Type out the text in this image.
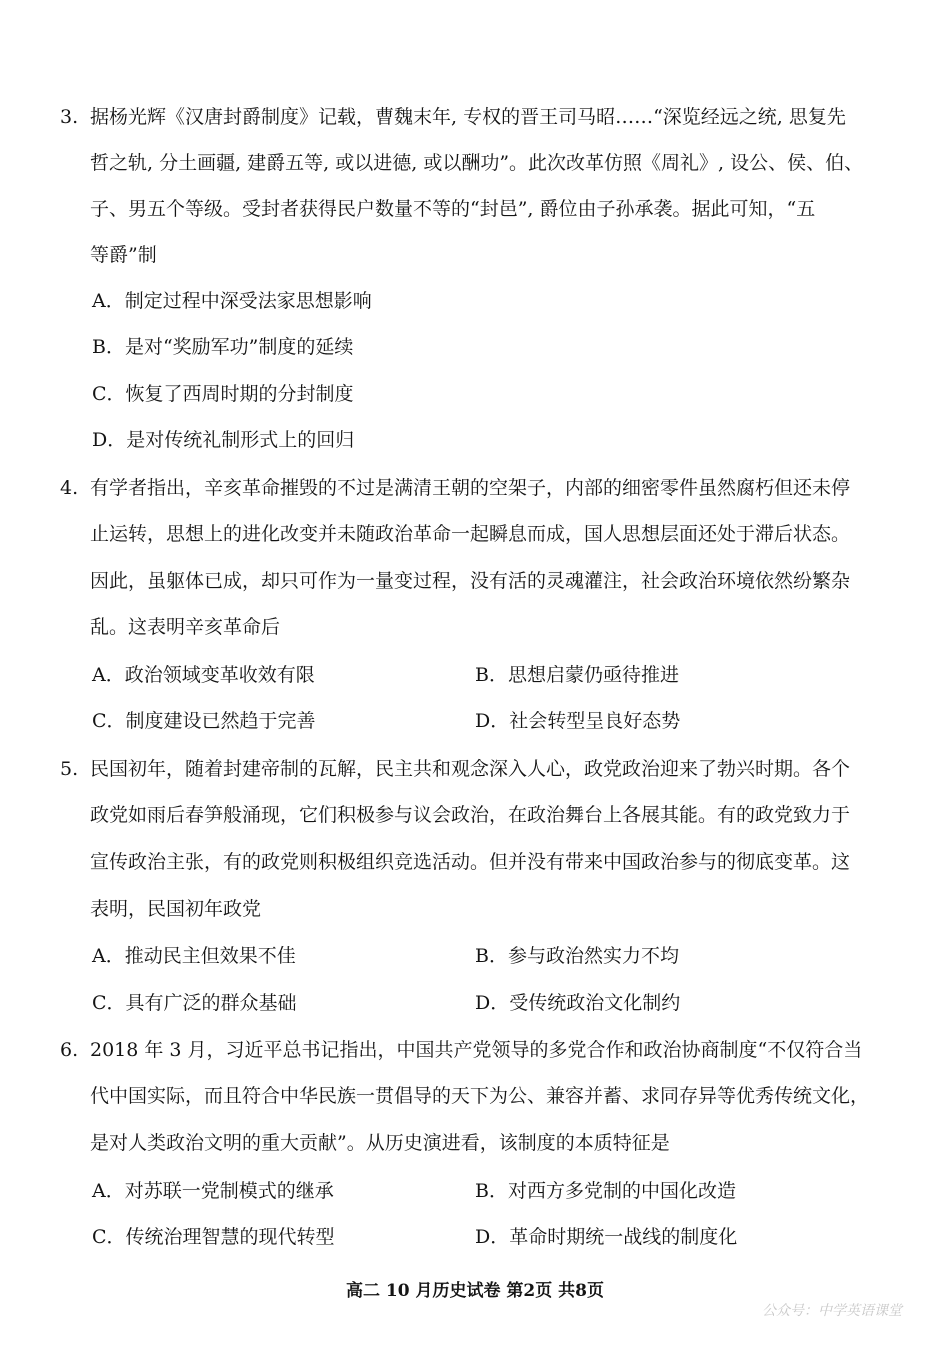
3. 据杨光辉《汉唐封爵制度》记载，曹魏末年, 专权的晋王司马昭……“深览经远之统, 思复先
哲之轨, 分土画疆, 建爵五等, 或以进德, 或以酬功”。此次改革仿照《周礼》, 设公、侯、伯、
子、男五个等级。受封者获得民户数量不等的“封邑”, 爵位由子孙承袭。据此可知，“五
等爵”制
A．制定过程中深受法家思想影响
B．是对“奖励军功”制度的延续
C．恢复了西周时期的分封制度
D．是对传统礼制形式上的回归
4. 有学者指出，辛亥革命摧毁的不过是满清王朝的空架子，内部的细密零件虽然腐朽但还未停
止运转，思想上的进化改变并未随政治革命一起瞬息而成，国人思想层面还处于滞后状态。
因此，虽躯体已成，却只可作为一量变过程，没有活的灵魂灌注，社会政治环境依然纷繁杂
乱。这表明辛亥革命后
A．政治领域变革收效有限	B．思想启蒙仍亟待推进
C．制度建设已然趋于完善	D．社会转型呈良好态势
5. 民国初年，随着封建帝制的瓦解，民主共和观念深入人心，政党政治迎来了勃兴时期。各个
政党如雨后春笋般涌现，它们积极参与议会政治，在政治舞台上各展其能。有的政党致力于
宣传政治主张，有的政党则积极组织竞选活动。但并没有带来中国政治参与的彻底变革。这
表明，民国初年政党
A．推动民主但效果不佳	B．参与政治然实力不均
C．具有广泛的群众基础	D．受传统政治文化制约
6. 2018 年 3 月，习近平总书记指出，中国共产党领导的多党合作和政治协商制度“不仅符合当
代中国实际，而且符合中华民族一贯倡导的天下为公、兼容并蓄、求同存异等优秀传统文化，
是对人类政治文明的重大贡献”。从历史演进看，该制度的本质特征是
A．对苏联一党制模式的继承	B．对西方多党制的中国化改造
C．传统治理智慧的现代转型	D．革命时期统一战线的制度化
高二 10 月历史试卷 第2页 共8页
公众号：中学英语课堂
